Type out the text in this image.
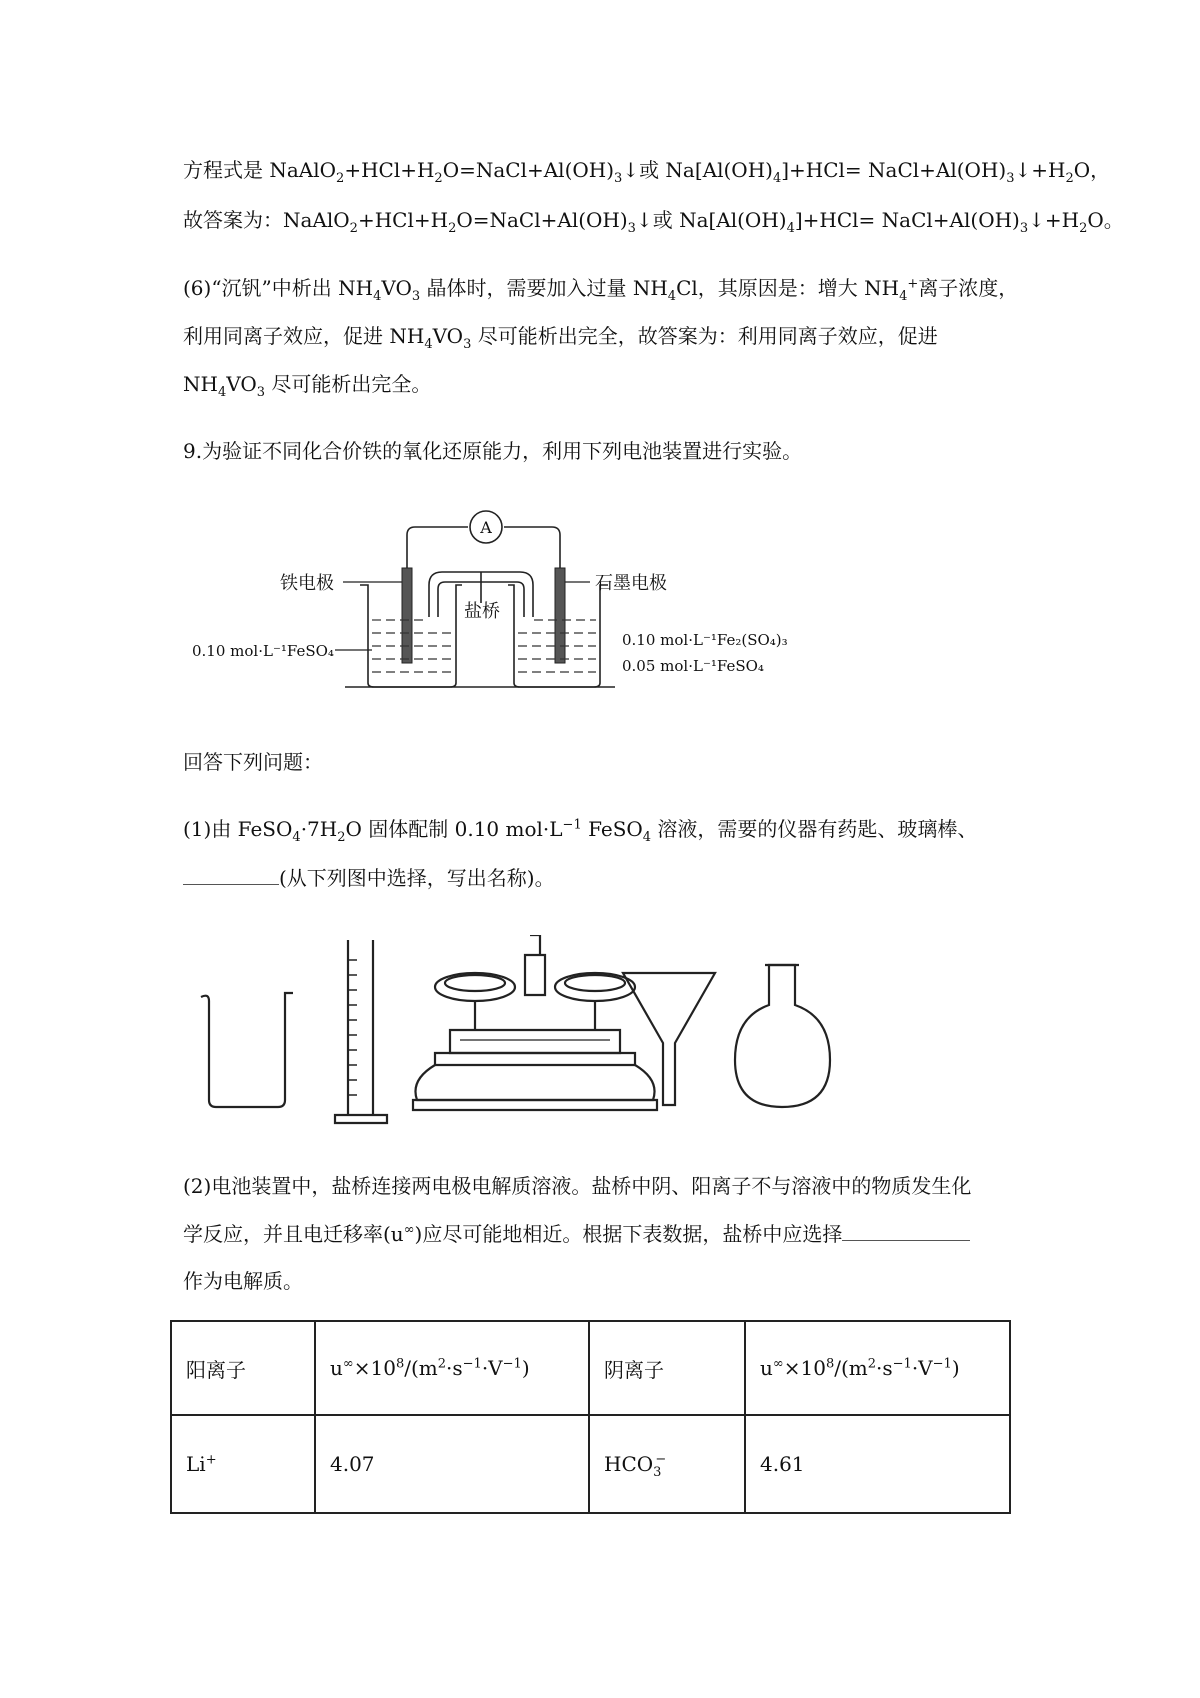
方程式是 $NaAlO_2+HCl+H_2O=NaCl+Al(OH)_3↓$或 $Na[Al(OH)_4]+HCl=$ $NaCl+Al(OH)_3↓+H_2O$，
故答案为：$NaAlO_2+HCl+H_2O=NaCl+Al(OH)_3↓$或 $Na[Al(OH)_4]+HCl=$ $NaCl+Al(OH)_3↓+H_2O$。
(6)“沉钒”中析出 $NH_4VO_3$ 晶体时，需要加入过量 $NH_4Cl$，其原因是：增大 $NH_4^+$离子浓度，
利用同离子效应，促进 $NH_4VO_3$ 尽可能析出完全，故答案为：利用同离子效应，促进
$NH_4VO_3$ 尽可能析出完全。
9.为验证不同化合价铁的氧化还原能力，利用下列电池装置进行实验。
A
铁电极	石墨电极
盐桥
0.10 mol·L⁻¹FeSO₄
0.10 mol·L⁻¹Fe₂(SO₄)₃
0.05 mol·L⁻¹FeSO₄
回答下列问题：
(1)由 $FeSO_4\cdot 7H_2O$ 固体配制 0.10 $mol\cdot L^{-1}$ FeSO$_4$ 溶液，需要的仪器有药匙、玻璃棒、
(从下列图中选择，写出名称)。
(2)电池装置中，盐桥连接两电极电解质溶液。盐桥中阴、阳离子不与溶液中的物质发生化
学反应，并且电迁移率(u∞)应尽可能地相近。根据下表数据，盐桥中应选择
作为电解质。
阳离子	$u^\infty\times 10^8/(m^2\cdot s^{-1}\cdot V^{-1})$	阴离子	$u^\infty\times 10^8/(m^2\cdot s^{-1}\cdot V^{-1})$
Li+	4.07	$HCO_3^-$	4.61
